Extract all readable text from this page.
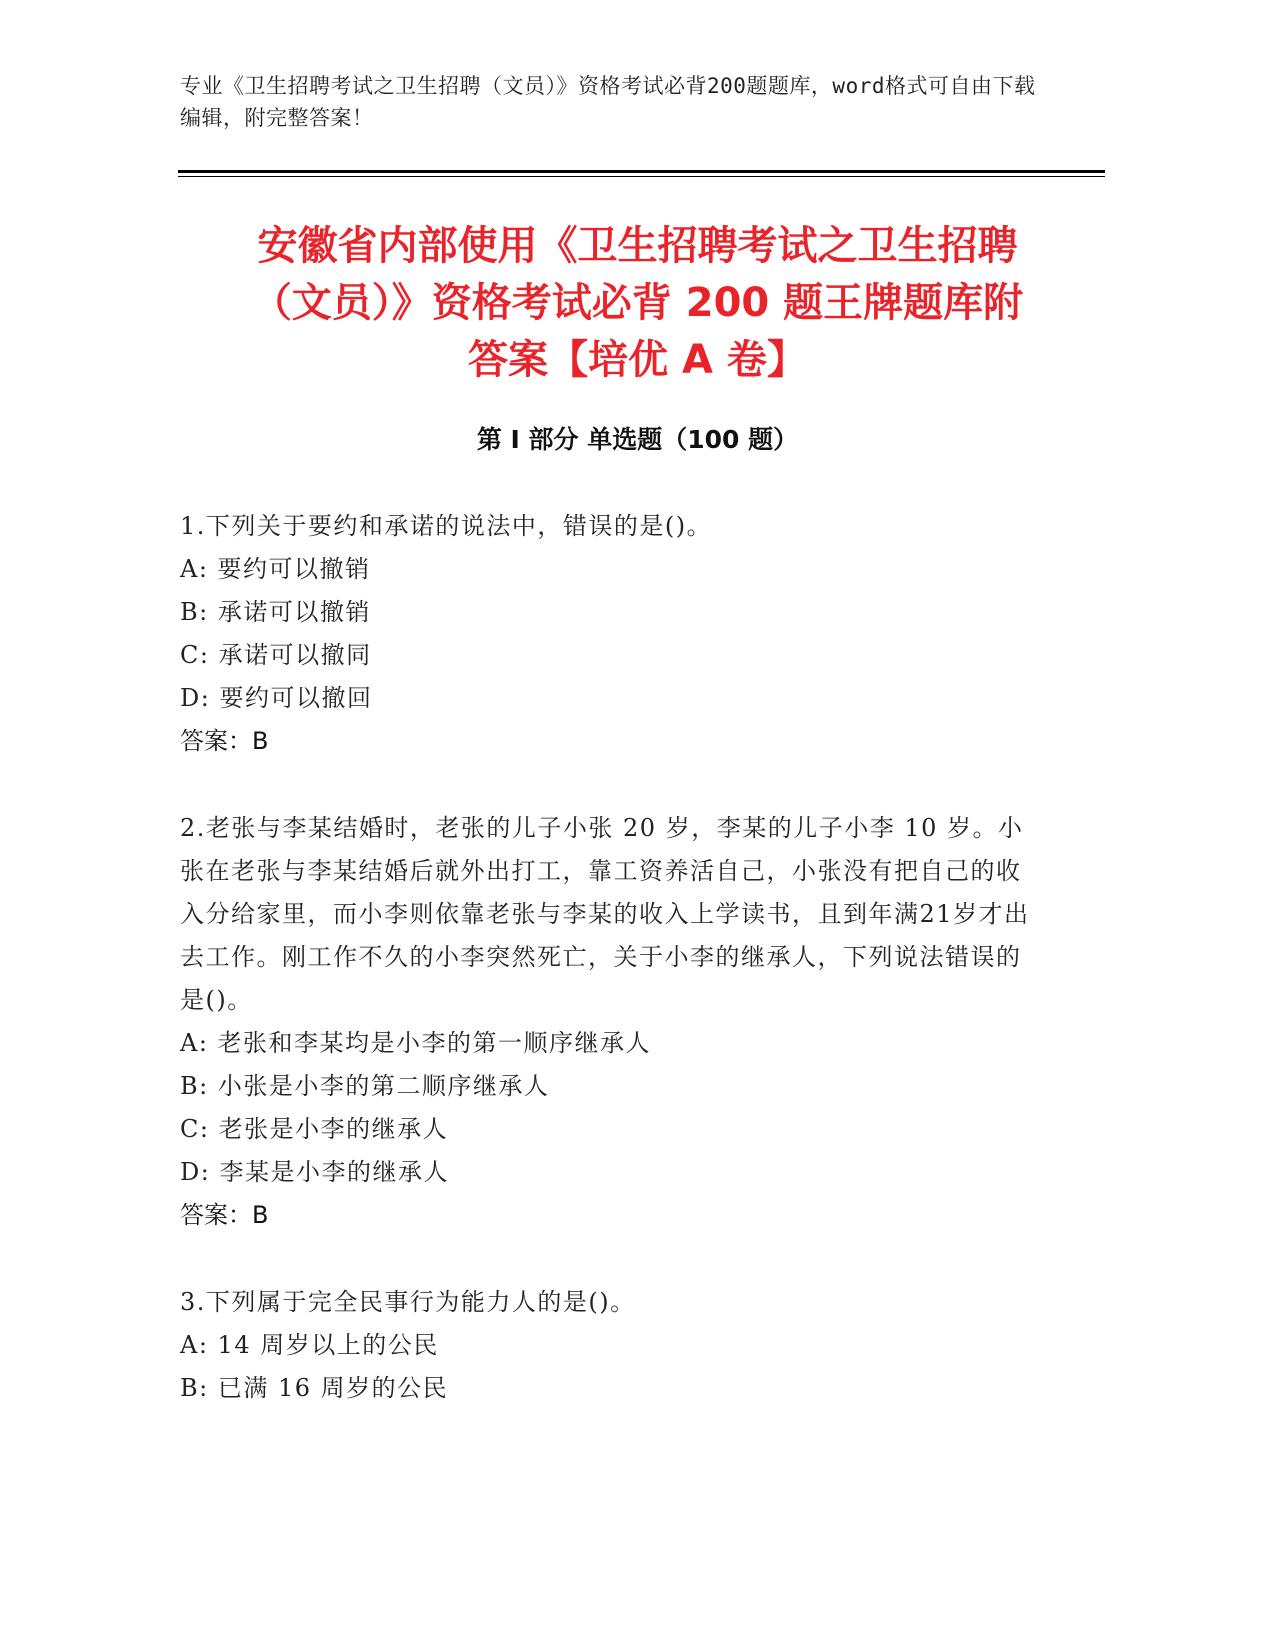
专业《卫生招聘考试之卫生招聘（文员）》资格考试必背200题题库，word格式可自由下载编辑，附完整答案！
安徽省内部使用《卫生招聘考试之卫生招聘
（文员）》资格考试必背 200 题王牌题库附
答案【培优 A 卷】
第 I 部分 单选题（100 题）
1.下列关于要约和承诺的说法中，错误的是()。
A: 要约可以撤销
B: 承诺可以撤销
C: 承诺可以撤同
D: 要约可以撤回
答案：B
2.老张与李某结婚时，老张的儿子小张 20 岁，李某的儿子小李 10 岁。小张在老张与李某结婚后就外出打工，靠工资养活自己，小张没有把自己的收入分给家里，而小李则依靠老张与李某的收入上学读书，且到年满21岁才出去工作。刚工作不久的小李突然死亡，关于小李的继承人，下列说法错误的是()。
A: 老张和李某均是小李的第一顺序继承人
B: 小张是小李的第二顺序继承人
C: 老张是小李的继承人
D: 李某是小李的继承人
答案：B
3.下列属于完全民事行为能力人的是()。
A: 14 周岁以上的公民
B: 已满 16 周岁的公民
